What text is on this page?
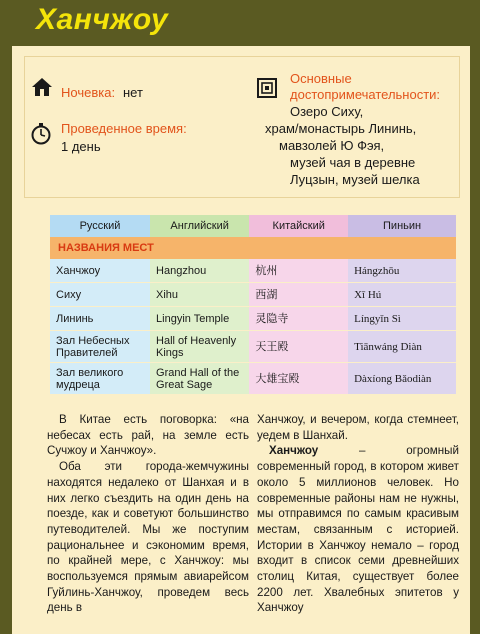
Ханчжоу
Ночевка: нет
Проведенное время:
1 день
Основные
достопримечательности:
Озеро Сиху,
храм/монастырь Лининь,
мавзолей Ю Фэя,
музей чая в деревне
Луцзын, музей шелка
Русский	Английский	Китайский	Пиньин
НАЗВАНИЯ МЕСТ			
Ханчжоу	Hangzhou	杭州	Hángzhōu

Сиху	Xihu	西湖	Xī Hú

Лининь	Lingyin Temple	灵隐寺	Língyǐn Sì

Зал Небесных Правителей	Hall of Heavenly Kings	天王殿	Tiānwáng Diàn

Зал великого мудреца	Grand Hall of the Great Sage	大雄宝殿	Dàxíong Bǎodiàn

В Китае есть поговорка: «на небесах есть рай, на земле есть Сучжоу и Ханчжоу».

Оба эти города-жемчужины находятся недалеко от Шанхая и в них легко съездить на один день на поезде, как и советуют большинство путеводителей. Мы же поступим рациональнее и сэкономим время, по крайней мере, с Ханчжоу: мы воспользуемся прямым авиарейсом Гуйлинь-Ханчжоу, проведем весь день в

Ханчжоу, и вечером, когда стемнеет, уедем в Шанхай.

Ханчжоу – огромный современный город, в котором живет около 5 миллионов человек. Но современные районы нам не нужны, мы отправимся по самым красивым местам, связанным с историей. Истории в Ханчжоу немало – город входит в список семи древнейших столиц Китая, существует более 2200 лет. Хвалебных эпитетов у Ханчжоу
